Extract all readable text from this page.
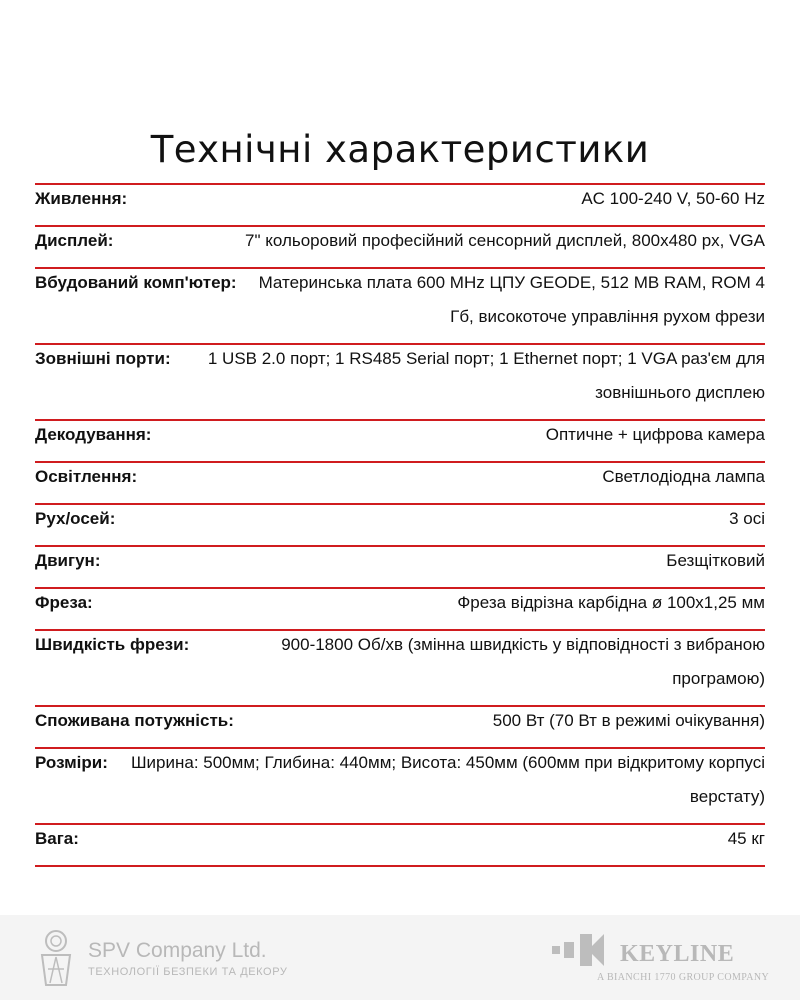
Технічні характеристики
Живлення:	AC 100-240 V, 50-60 Hz
Дисплей:	7" кольоровий професійний сенсорний дисплей, 800x480 px, VGA
Вбудований комп'ютер:	Материнська плата 600 MHz ЦПУ GEODE, 512 MB RAM, ROM 4 Гб, високоточе управління рухом фрези
Зовнішні порти:	1 USB 2.0 порт; 1 RS485 Serial порт; 1 Ethernet порт; 1 VGA раз'єм для зовнішнього дисплею
Декодування:	Оптичне + цифрова камера
Освітлення:	Светлодіодна лампа
Рух/осей:	3 осі
Двигун:	Безщітковий
Фреза:	Фреза відрізна карбідна ø 100x1,25 мм
Швидкість фрези:	900-1800 Об/хв (змінна швидкість у відповідності з вибраною програмою)
Споживана потужність:	500 Вт (70 Вт в режимі очікування)
Розміри:	Ширина: 500мм; Глибина: 440мм; Висота: 450мм (600мм при відкритому корпусі верстату)
Вага:	45 кг
SPV Company Ltd.
ТЕХНОЛОГІЇ БЕЗПЕКИ ТА ДЕКОРУ
KEYLINE
A BIANCHI 1770 GROUP COMPANY
